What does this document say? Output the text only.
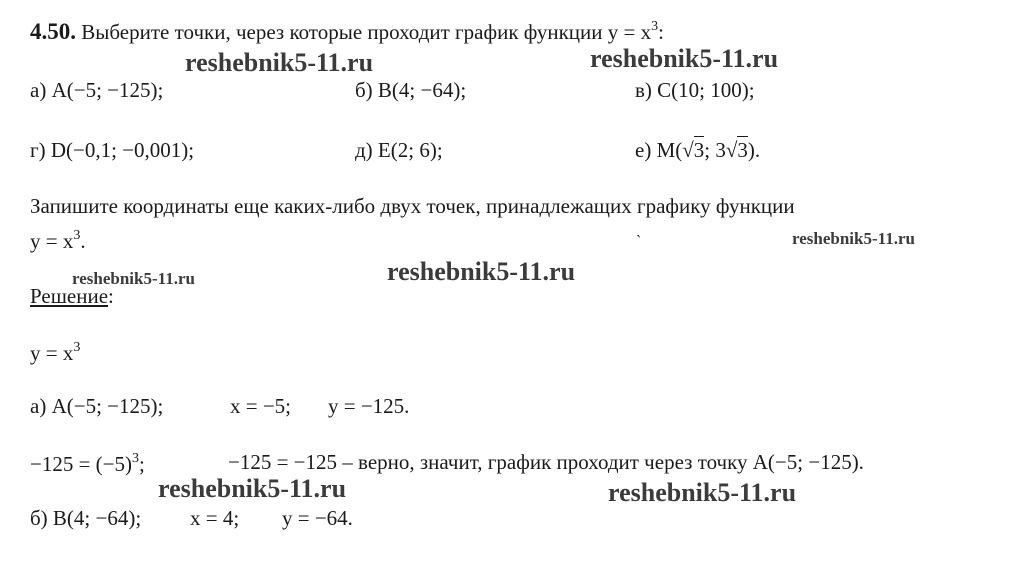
4.50. Выберите точки, через которые проходит график функции $y = x^3$:
а) A(−5; −125);	б) B(4; −64);	в) C(10; 100);
г) D(−0,1; −0,001);	д) E(2; 6);	е) M(√3; 3√3).
Запишите координаты еще каких-либо двух точек, принадлежащих графику функции
$y = x^3$.
Решение:
$y = x^3$
а) A(−5; −125);	x = −5; y = −125.
$-125 = (-5)^3$;	−125 = −125 – верно, значит, график проходит через точку A(−5; −125).
б) B(4; −64); x = 4; y = −64.
`
reshebnik5-11.ru	reshebnik5-11.ru
reshebnik5-11.ru
reshebnik5-11.ru	reshebnik5-11.ru
reshebnik5-11.ru	reshebnik5-11.ru
